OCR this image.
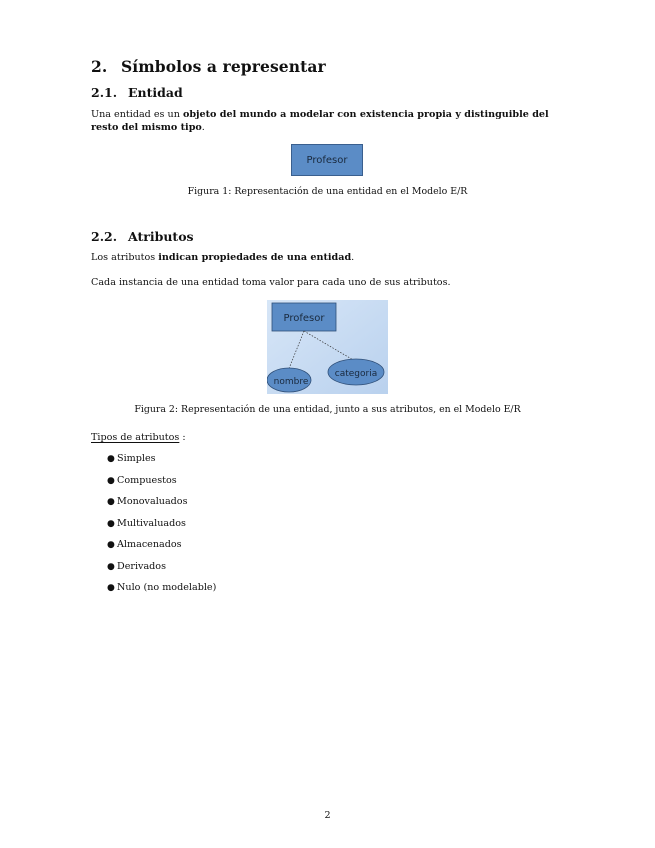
2. Símbolos a representar
2.1. Entidad
Una entidad es un objeto del mundo a modelar con existencia propia y distinguible del resto del mismo tipo.
Profesor
Figura 1: Representación de una entidad en el Modelo E/R
2.2. Atributos
Los atributos indican propiedades de una entidad.
Cada instancia de una entidad toma valor para cada uno de sus atributos.
Profesor
nombre
categoria
Figura 2: Representación de una entidad, junto a sus atributos, en el Modelo E/R
Tipos de atributos :
● Simples
● Compuestos
● Monovaluados
● Multivaluados
● Almacenados
● Derivados
● Nulo (no modelable)
2
